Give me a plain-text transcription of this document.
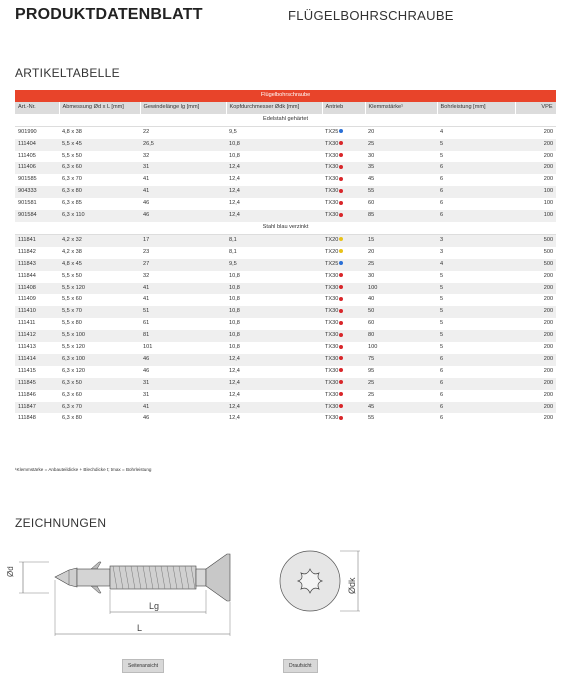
PRODUKTDATENBLATT	FLÜGELBOHRSCHRAUBE
ARTIKELTABELLE
Flügelbohrschraube							
Art.-Nr.	Abmessung Ød x L [mm]	Gewindelänge lg [mm]	Kopfdurchmesser Ødk [mm]	Antrieb	Klemmstärke¹	Bohrleistung [mm]	VPE
Edelstahl gehärtet							
901990	4,8 x 38	22	9,5	TX25	20	4	200
111404	5,5 x 45	26,5	10,8	TX30	25	5	200
111405	5,5 x 50	32	10,8	TX30	30	5	200
111406	6,3 x 60	31	12,4	TX30	35	6	200
901585	6,3 x 70	41	12,4	TX30	45	6	200
904333	6,3 x 80	41	12,4	TX30	55	6	100
901581	6,3 x 85	46	12,4	TX30	60	6	100
901584	6,3 x 110	46	12,4	TX30	85	6	100
Stahl blau verzinkt							
111841	4,2 x 32	17	8,1	TX20	15	3	500
111842	4,2 x 38	23	8,1	TX20	20	3	500
111843	4,8 x 45	27	9,5	TX25	25	4	500
111844	5,5 x 50	32	10,8	TX30	30	5	200
111408	5,5 x 120	41	10,8	TX30	100	5	200
111409	5,5 x 60	41	10,8	TX30	40	5	200
111410	5,5 x 70	51	10,8	TX30	50	5	200
111411	5,5 x 80	61	10,8	TX30	60	5	200
111412	5,5 x 100	81	10,8	TX30	80	5	200
111413	5,5 x 120	101	10,8	TX30	100	5	200
111414	6,3 x 100	46	12,4	TX30	75	6	200
111415	6,3 x 120	46	12,4	TX30	95	6	200
111845	6,3 x 50	31	12,4	TX30	25	6	200
111846	6,3 x 60	31	12,4	TX30	25	6	200
111847	6,3 x 70	41	12,4	TX30	45	6	200
111848	6,3 x 80	46	12,4	TX30	55	6	200
¹Klemmstärke = Anbauteildicke + Blechdicke t; tmax = Bohrleistung
ZEICHNUNGEN
Ød
Lg
L
Ødk
Seitenansicht	Draufsicht
